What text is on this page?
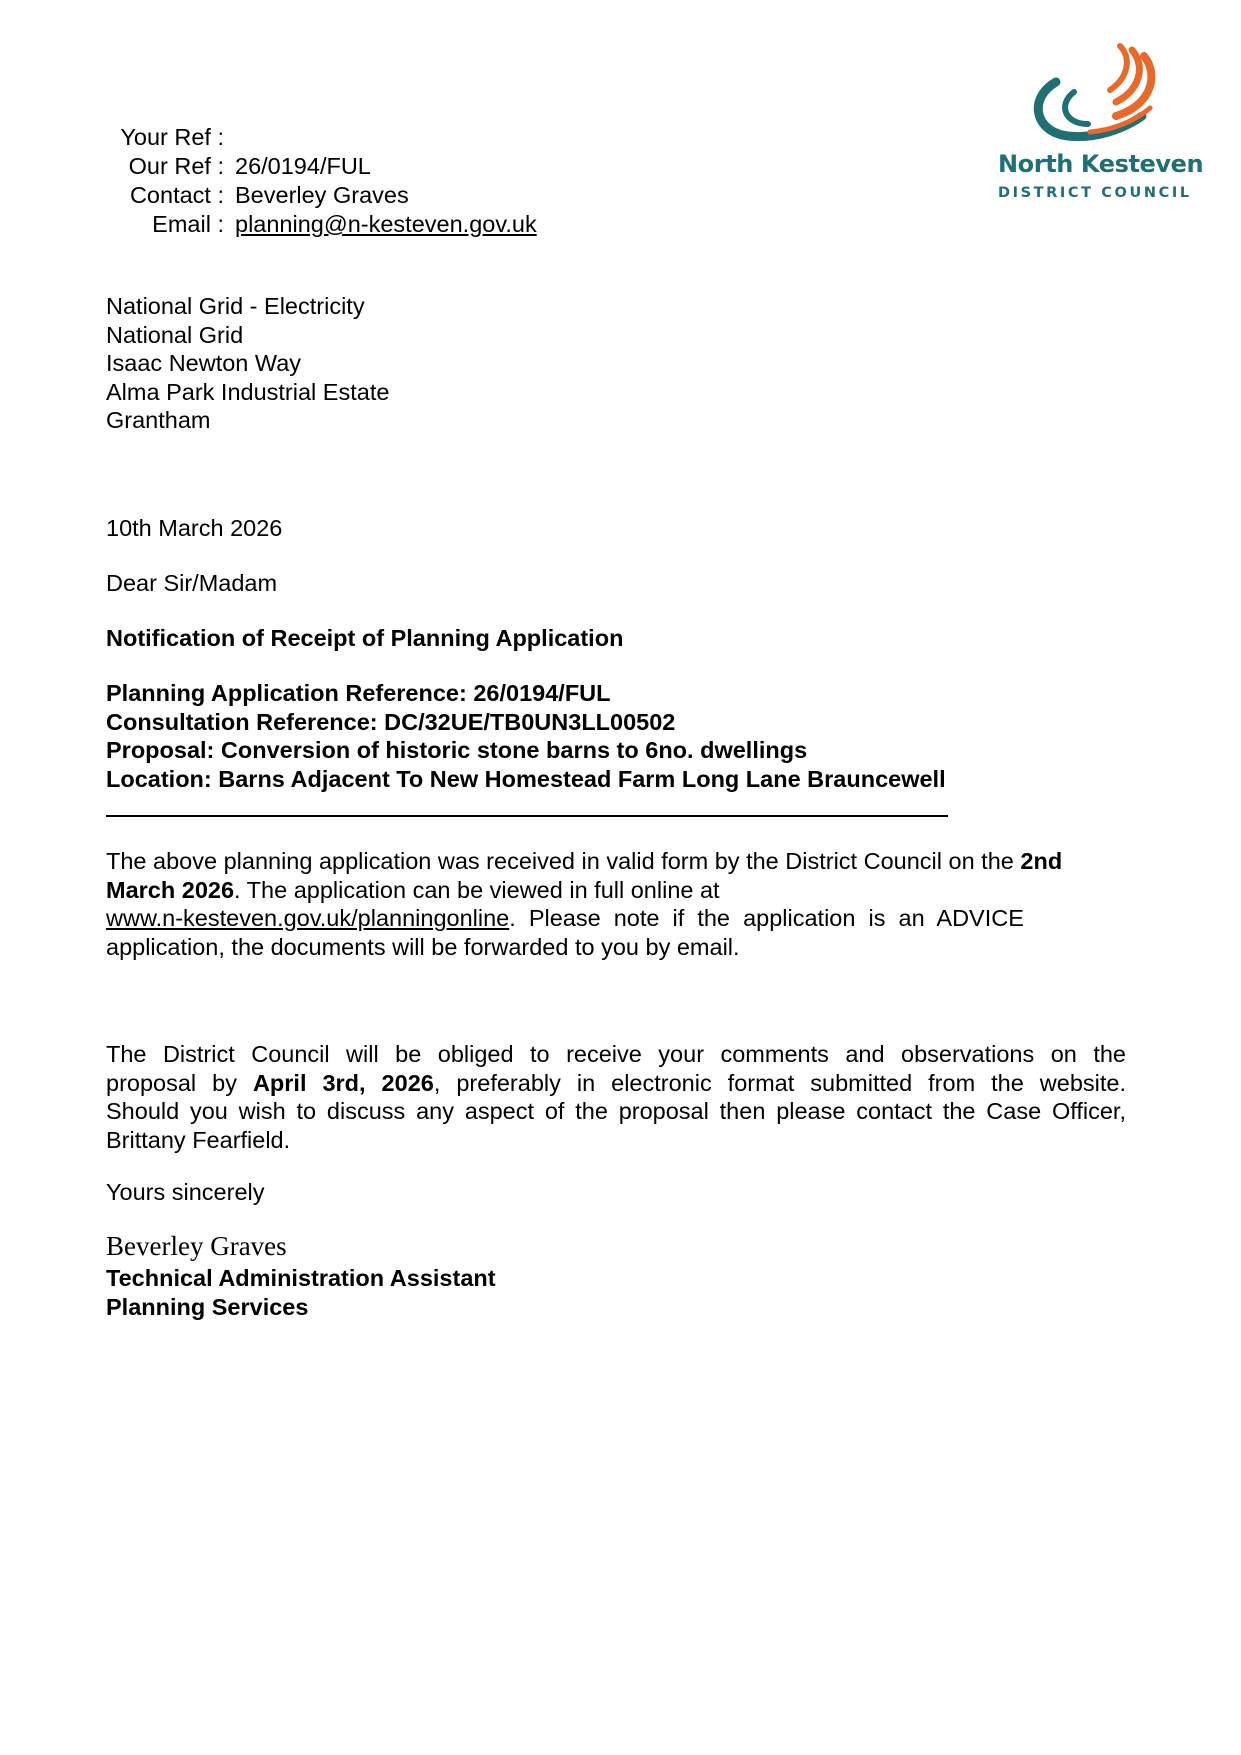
Your Ref :
Our Ref : 26/0194/FUL
Contact : Beverley Graves
Email : planning@n-kesteven.gov.uk
North Kesteven
DISTRICT COUNCIL
National Grid - Electricity
National Grid
Isaac Newton Way
Alma Park Industrial Estate
Grantham
10th March 2026
Dear Sir/Madam
Notification of Receipt of Planning Application
Planning Application Reference: 26/0194/FUL
Consultation Reference: DC/32UE/TB0UN3LL00502
Proposal: Conversion of historic stone barns to 6no. dwellings
Location: Barns Adjacent To New Homestead Farm Long Lane Brauncewell
The above planning application was received in valid form by the District Council on the 2nd
March 2026. The application can be viewed in full online at
www.n-kesteven.gov.uk/planningonline.  Please  note  if  the  application  is  an  ADVICE
application, the documents will be forwarded to you by email.
The District Council will be obliged to receive your comments and observations on the
proposal by April 3rd, 2026, preferably in electronic format submitted from the website.
Should you wish to discuss any aspect of the proposal then please contact the Case Officer,
Brittany Fearfield.
Yours sincerely
Beverley Graves
Technical Administration Assistant
Planning Services
